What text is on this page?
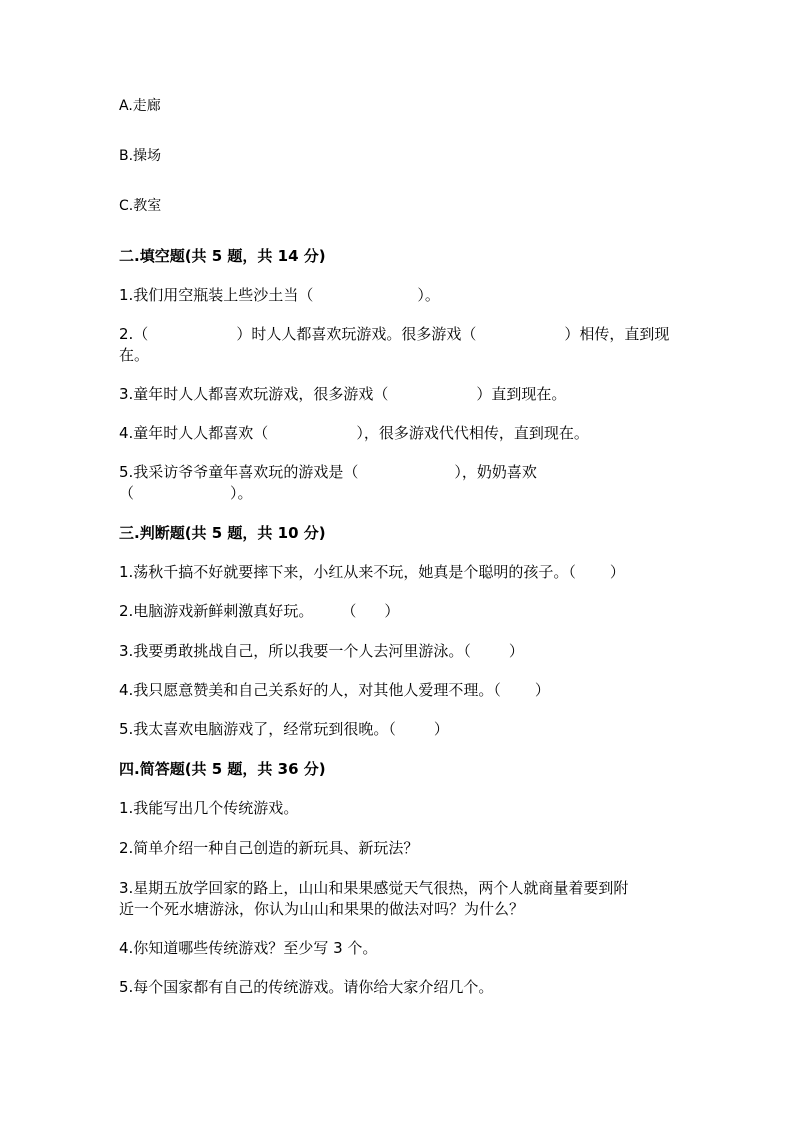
A.走廊
B.操场
C.教室
二.填空题(共 5 题，共 14 分)
1.我们用空瓶装上些沙土当（	）。
2.（	）时人人都喜欢玩游戏。很多游戏（	）相传，直到现
在。
3.童年时人人都喜欢玩游戏，很多游戏（	）直到现在。
4.童年时人人都喜欢（	），很多游戏代代相传，直到现在。
5.我采访爷爷童年喜欢玩的游戏是（	），奶奶喜欢
（	）。
三.判断题(共 5 题，共 10 分)
1.荡秋千搞不好就要摔下来，小红从来不玩，她真是个聪明的孩子。（ ）
2.电脑游戏新鲜刺激真好玩。 （ ）
3.我要勇敢挑战自己，所以我要一个人去河里游泳。（	）
4.我只愿意赞美和自己关系好的人，对其他人爱理不理。（ ）
5.我太喜欢电脑游戏了，经常玩到很晚。（	）
四.简答题(共 5 题，共 36 分)
1.我能写出几个传统游戏。
2.简单介绍一种自己创造的新玩具、新玩法？
3.星期五放学回家的路上，山山和果果感觉天气很热，两个人就商量着要到附
近一个死水塘游泳，你认为山山和果果的做法对吗？为什么？
4.你知道哪些传统游戏？至少写 3 个。
5.每个国家都有自己的传统游戏。请你给大家介绍几个。
